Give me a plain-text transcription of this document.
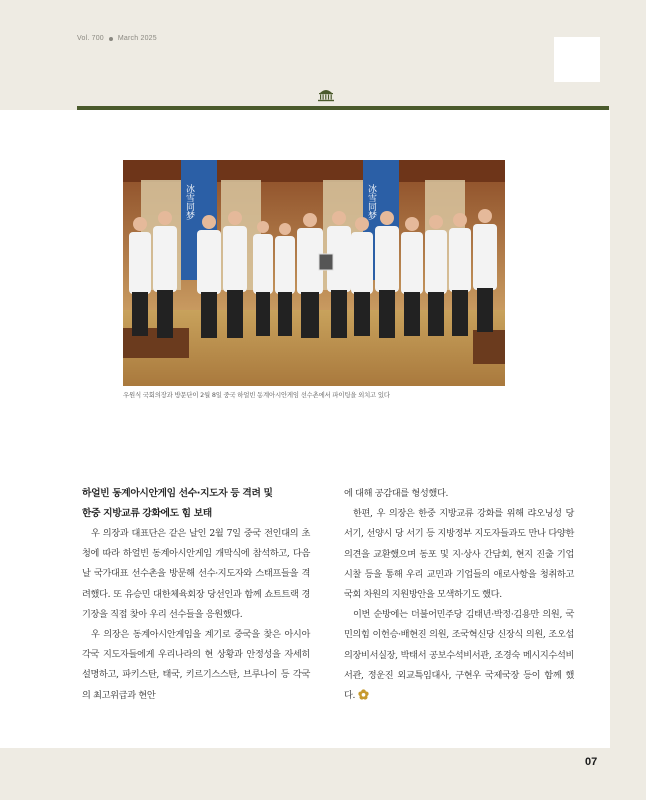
Vol. 700 March 2025
冰雪同梦	冰雪同梦
우원식 국회의장과 방문단이 2월 8일 중국 하얼빈 동계아시안게임 선수촌에서 파이팅을 외치고 있다
하얼빈 동계아시안게임 선수·지도자 등 격려 및
한중 지방교류 강화에도 힘 보태

우 의장과 대표단은 같은 날인 2월 7일 중국 전인대의 초청에 따라 하얼빈 동계아시안게임 개막식에 참석하고, 다음날 국가대표 선수촌을 방문해 선수·지도자와 스태프들을 격려했다. 또 유승민 대한체육회장 당선인과 함께 쇼트트랙 경기장을 직접 찾아 우리 선수들을 응원했다.

우 의장은 동계아시안게임을 계기로 중국을 찾은 아시아 각국 지도자들에게 우리나라의 현 상황과 안정성을 자세히 설명하고, 파키스탄, 태국, 키르기스스탄, 브루나이 등 각국의 최고위급과 현안

에 대해 공감대를 형성했다.

한편, 우 의장은 한중 지방교류 강화를 위해 랴오닝성 당 서기, 선양시 당 서기 등 지방정부 지도자들과도 만나 다양한 의견을 교환했으며 동포 및 지·상사 간담회, 현지 진출 기업 시찰 등을 통해 우리 교민과 기업들의 애로사항을 청취하고 국회 차원의 지원방안을 모색하기도 했다.

이번 순방에는 더불어민주당 김태년·박정·김용만 의원, 국민의힘 이헌승·배현진 의원, 조국혁신당 신장식 의원, 조오섭 의장비서실장, 박태서 공보수석비서관, 조경숙 메시지수석비서관, 정운진 외교특임대사, 구현우 국제국장 등이 함께 했다.

07
